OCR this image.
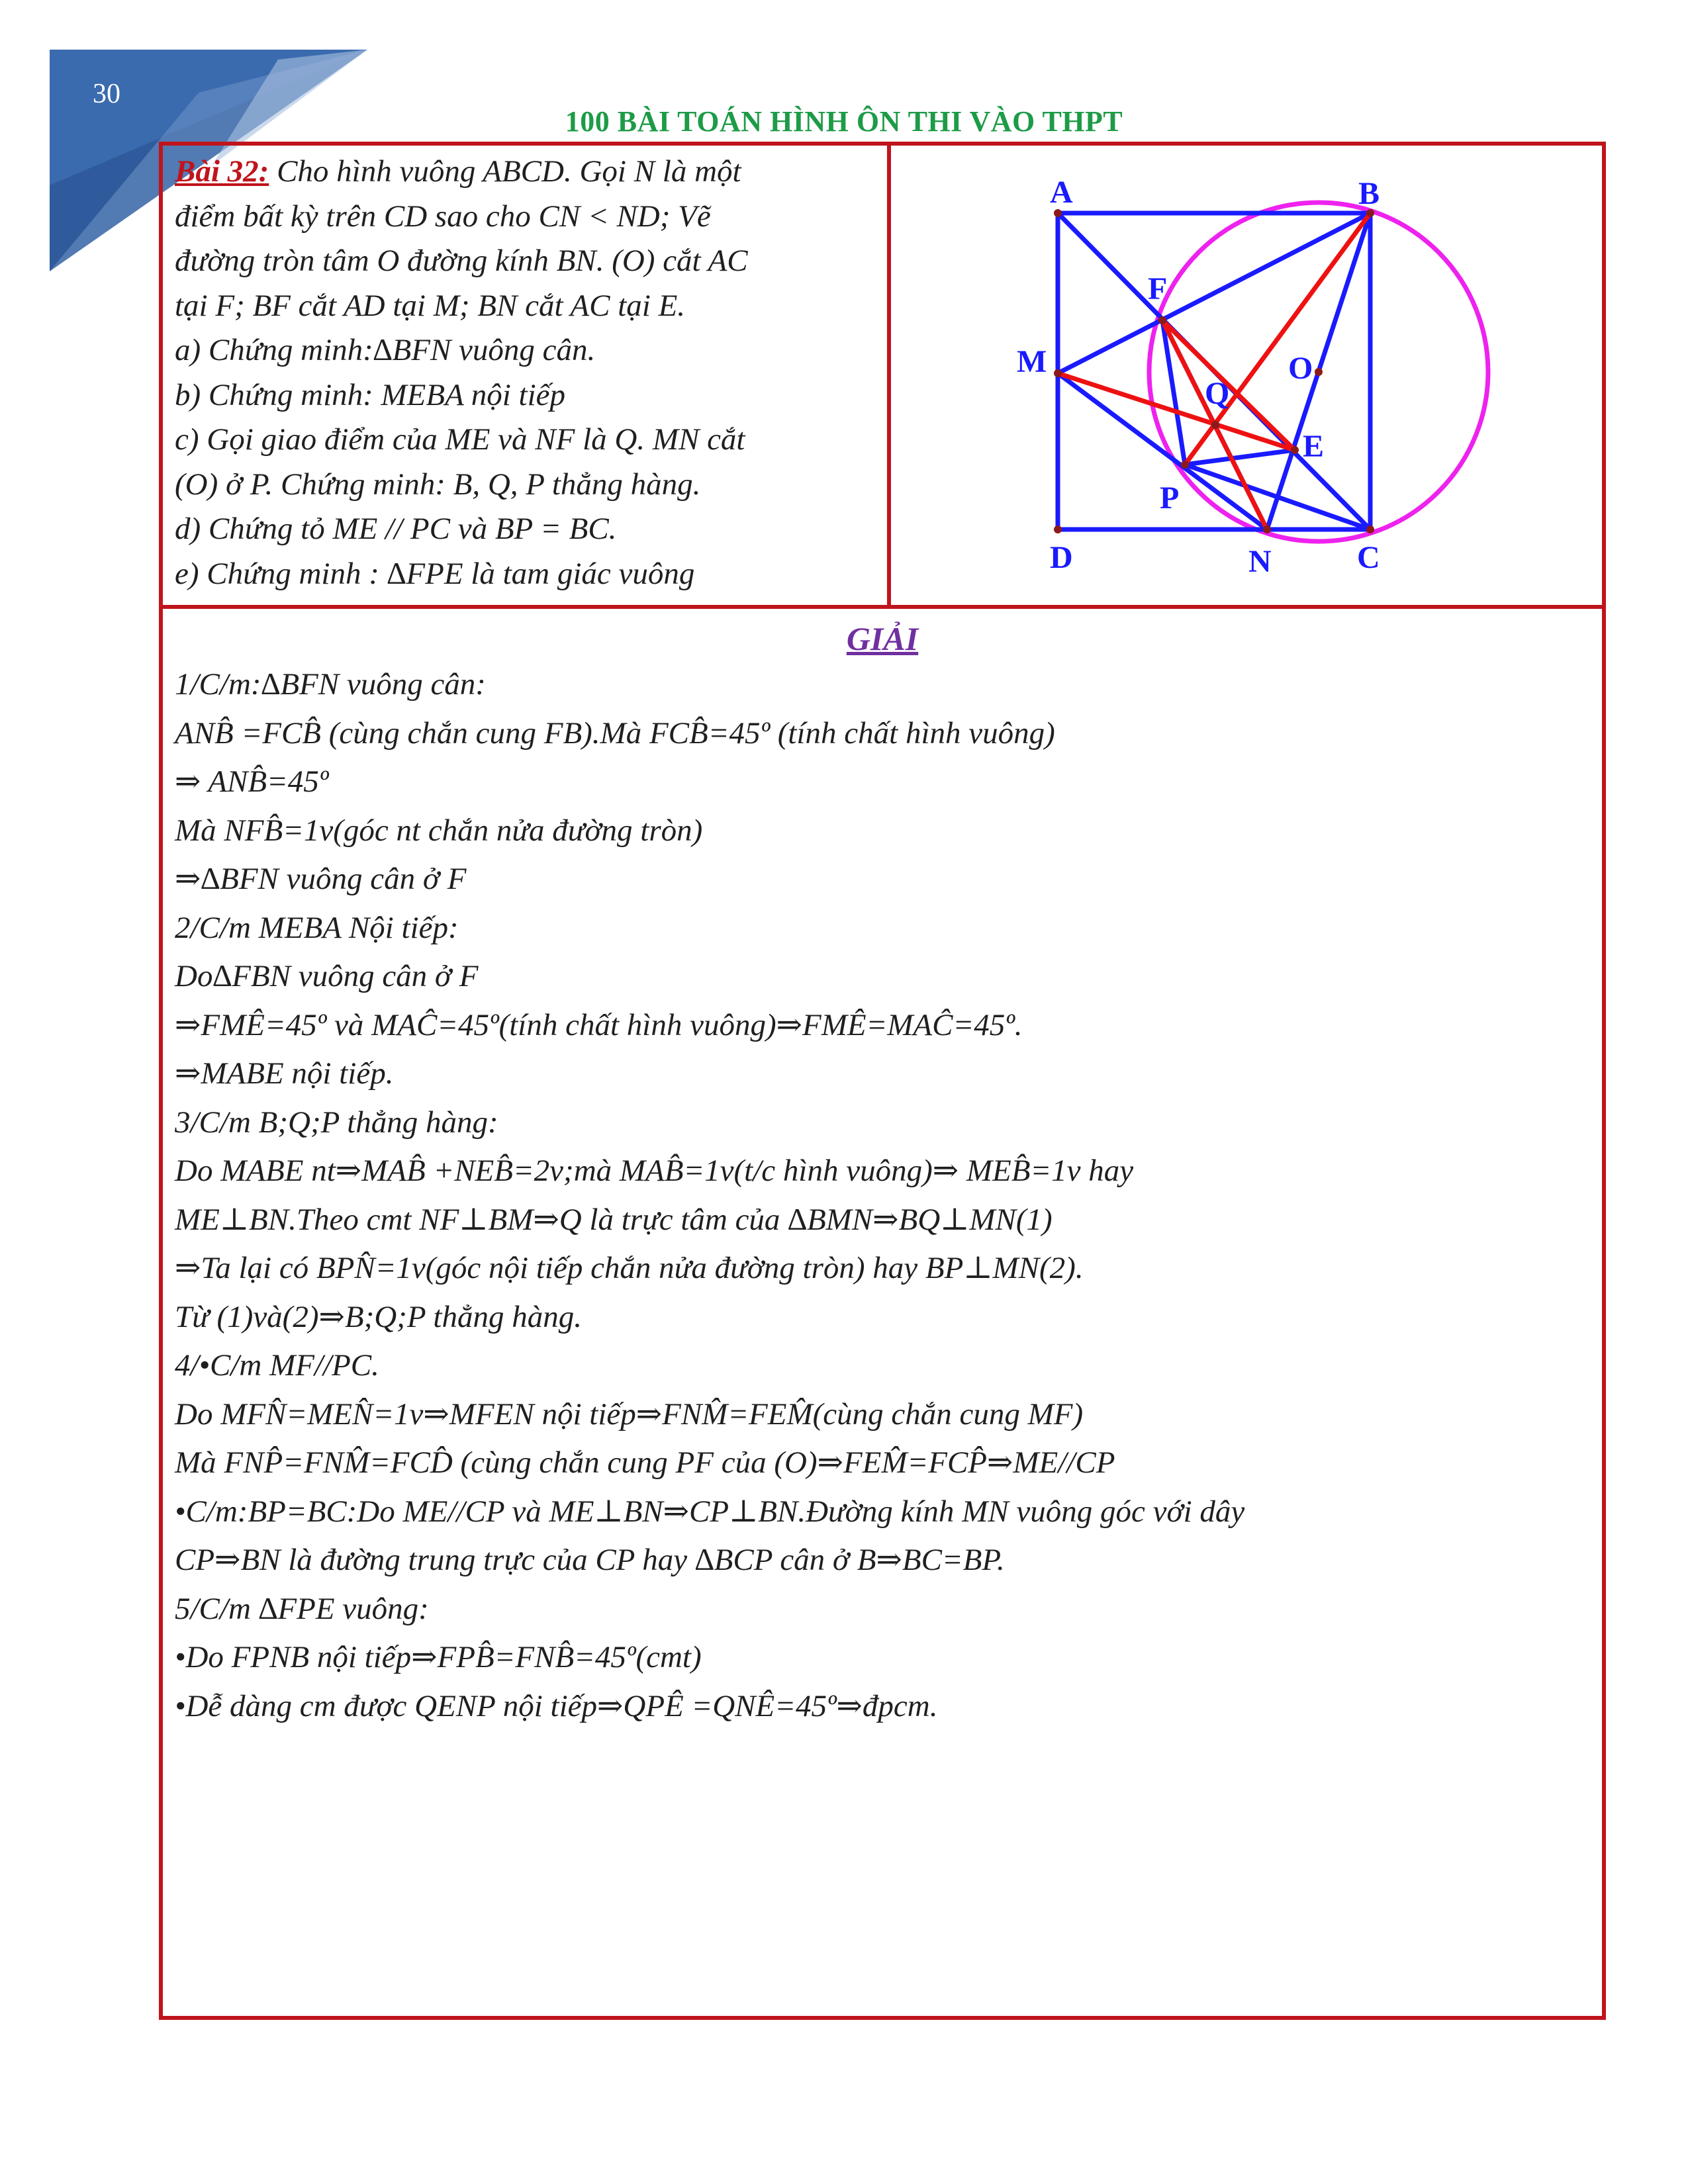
30
100 BÀI TOÁN HÌNH ÔN THI VÀO THPT
Bài 32: Cho hình vuông ABCD. Gọi N là một
điểm bất kỳ trên CD sao cho CN < ND; Vẽ
đường tròn tâm O đường kính BN. (O) cắt AC
tại F; BF cắt AD tại M; BN cắt AC tại E.
a) Chứng minh:∆BFN vuông cân.
b) Chứng minh: MEBA nội tiếp
c) Gọi giao điểm của ME và NF là Q. MN cắt
(O) ở P. Chứng minh: B, Q, P thẳng hàng.
d) Chứng tỏ ME // PC và BP = BC.
e) Chứng minh : ∆FPE là tam giác vuông
A	B
C
D	N
M
F
O
Q
E
P
GIẢI
1/C/m:∆BFN vuông cân:
ANB̂ =FCB̂ (cùng chắn cung FB).Mà FCB̂=45º (tính chất hình vuông)
⇒ ANB̂=45º
Mà NFB̂=1v(góc nt chắn nửa đường tròn)
⇒∆BFN vuông cân ở F
2/C/m MEBA Nội tiếp:
Do∆FBN vuông cân ở F
⇒FMÊ=45º và MAĈ=45º(tính chất hình vuông)⇒FMÊ=MAĈ=45º.
⇒MABE nội tiếp.
3/C/m B;Q;P thẳng hàng:
Do MABE nt⇒MAB̂ +NEB̂=2v;mà MAB̂=1v(t/c hình vuông)⇒ MEB̂=1v hay
ME⊥BN.Theo cmt NF⊥BM⇒Q là trực tâm của ∆BMN⇒BQ⊥MN(1)
⇒Ta lại có BPN̂=1v(góc nội tiếp chắn nửa đường tròn) hay BP⊥MN(2).
Từ (1)và(2)⇒B;Q;P thẳng hàng.
4/•C/m MF//PC.
Do MFN̂=MEN̂=1v⇒MFEN nội tiếp⇒FNM̂=FEM̂(cùng chắn cung MF)
Mà FNP̂=FNM̂=FCD̂ (cùng chắn cung PF của (O)⇒FEM̂=FCP̂⇒ME//CP
•C/m:BP=BC:Do ME//CP và ME⊥BN⇒CP⊥BN.Đường kính MN vuông góc với dây
CP⇒BN là đường trung trực của CP hay ∆BCP cân ở B⇒BC=BP.
5/C/m ∆FPE vuông:
•Do FPNB nội tiếp⇒FPB̂=FNB̂=45º(cmt)
•Dễ dàng cm được QENP nội tiếp⇒QPÊ =QNÊ=45º⇒đpcm.
